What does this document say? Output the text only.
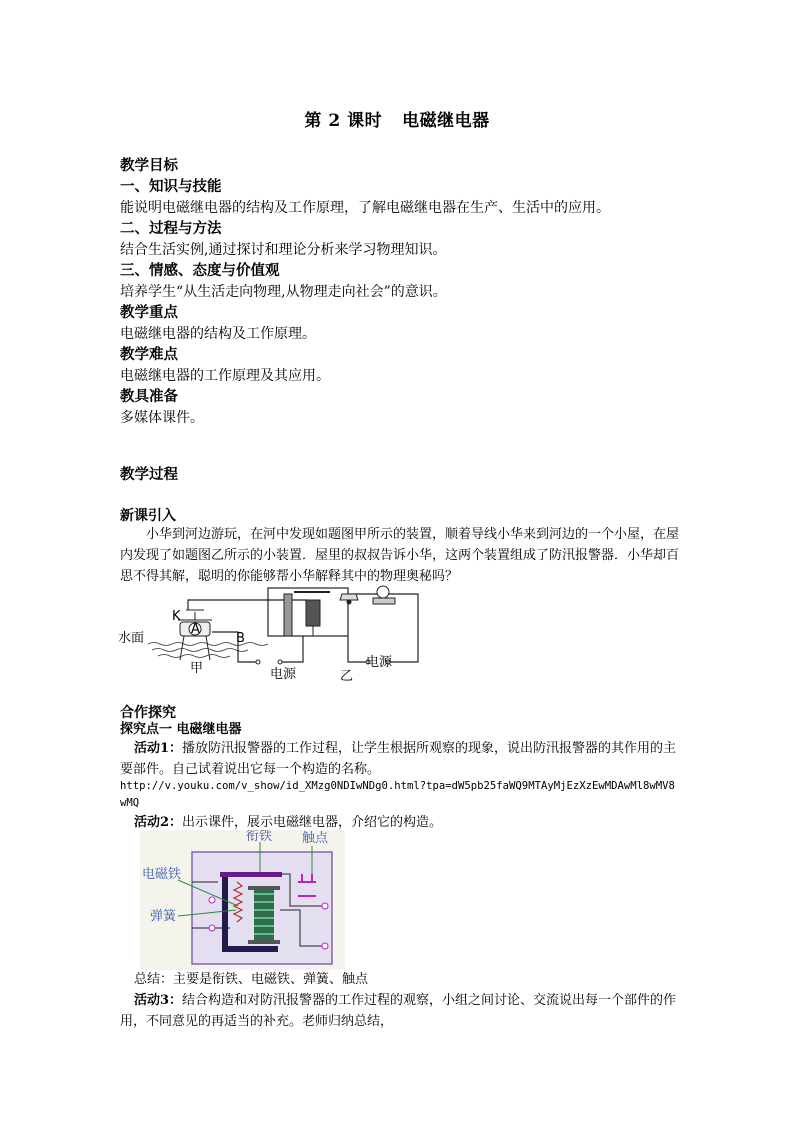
第 2 课时 电磁继电器
教学目标
一、知识与技能
能说明电磁继电器的结构及工作原理，了解电磁继电器在生产、生活中的应用。
二、过程与方法
结合生活实例,通过探讨和理论分析来学习物理知识。
三、情感、态度与价值观
培养学生“从生活走向物理,从物理走向社会”的意识。
教学重点
电磁继电器的结构及工作原理。
教学难点
电磁继电器的工作原理及其应用。
教具准备
多媒体课件。
教学过程
新课引入
小华到河边游玩，在河中发现如题图甲所示的装置，顺着导线小华来到河边的一个小屋，在屋内发现了如题图乙所示的小装置．屋里的叔叔告诉小华，这两个装置组成了防汛报警器．小华却百思不得其解，聪明的你能够帮小华解释其中的物理奥秘吗？
水面
K
A
B
甲	电源	乙
电源
合作探究
探究点一 电磁继电器
活动1：播放防汛报警器的工作过程，让学生根据所观察的现象，说出防汛报警器的其作用的主要部件。自己试着说出它每一个构造的名称。
http://v.youku.com/v_show/id_XMzg0NDIwNDg0.html?tpa=dW5pb25faWQ9MTAyMjEzXzEwMDAwMl8wMV8wMQ
活动2：出示课件，展示电磁继电器，介绍它的构造。
衔铁 触点
电磁铁
弹簧
总结：主要是衔铁、电磁铁、弹簧、触点
活动3：结合构造和对防汛报警器的工作过程的观察，小组之间讨论、交流说出每一个部件的作用，不同意见的再适当的补充。老师归纳总结，
